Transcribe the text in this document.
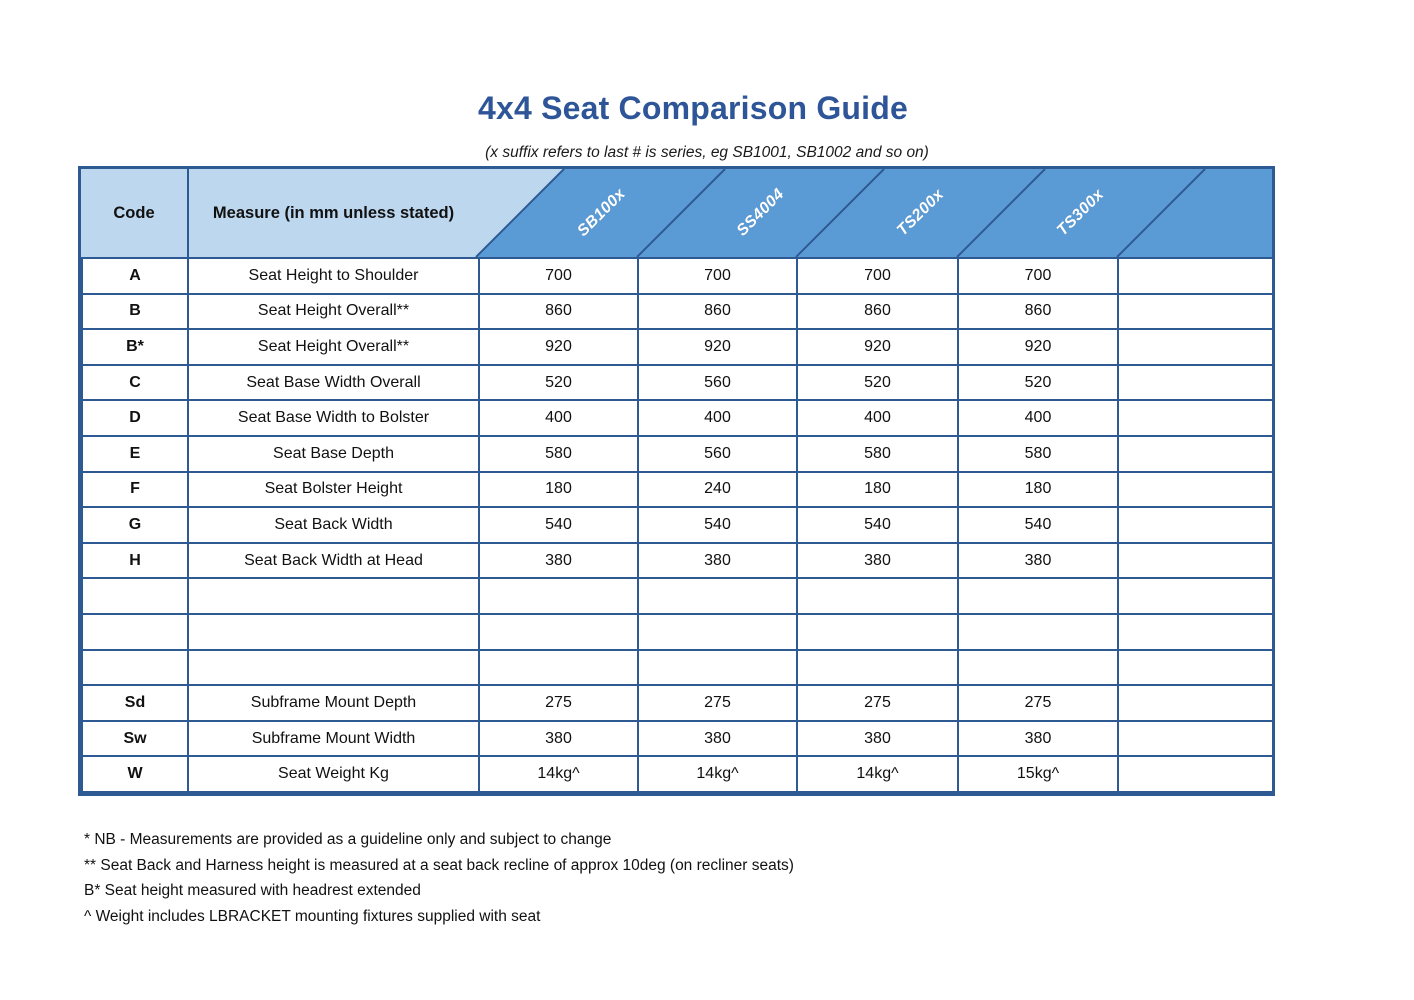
4x4 Seat Comparison Guide
(x suffix refers to last # is series, eg SB1001, SB1002 and so on)
Code	Measure (in mm unless stated)	SB100x	SS4004	TS200x	TS300x
A	Seat Height to Shoulder	700	700	700	700	
B	Seat Height Overall**	860	860	860	860	
B*	Seat Height Overall**	920	920	920	920	
C	Seat Base Width Overall	520	560	520	520	
D	Seat Base Width to Bolster	400	400	400	400	
E	Seat Base Depth	580	560	580	580	
F	Seat Bolster Height	180	240	180	180	
G	Seat Back Width	540	540	540	540	
H	Seat Back Width at Head	380	380	380	380	

Sd	Subframe Mount Depth	275	275	275	275	
Sw	Subframe Mount Width	380	380	380	380	
W	Seat Weight Kg	14kg^	14kg^	14kg^	15kg^	
* NB - Measurements are provided as a guideline only and subject to change
** Seat Back and Harness height is measured at a seat back recline of approx 10deg (on recliner seats)
B* Seat height measured with headrest extended
^ Weight includes LBRACKET mounting fixtures supplied with seat
